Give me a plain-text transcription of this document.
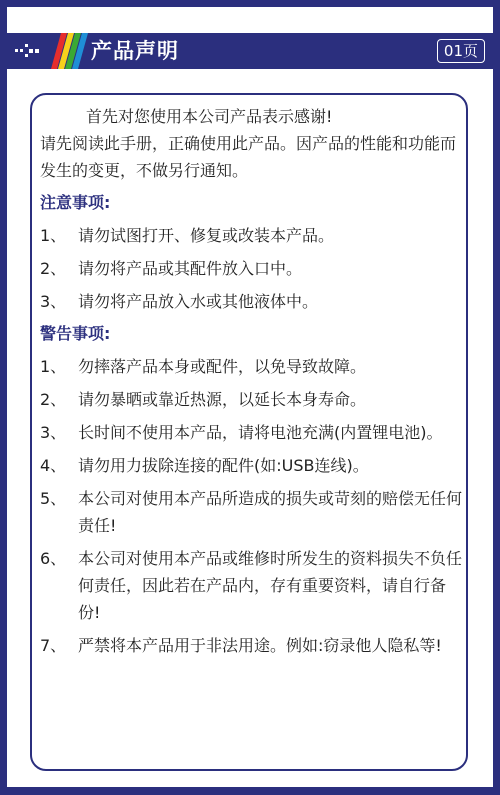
产品声明	01页

首先对您使用本公司产品表示感谢!

请先阅读此手册，正确使用此产品。因产品的性能和功能而发生的变更，不做另行通知。

注意事项:

1、 请勿试图打开、修复或改装本产品。
2、 请勿将产品或其配件放入口中。
3、 请勿将产品放入水或其他液体中。

警告事项:

1、 勿摔落产品本身或配件，以免导致故障。
2、 请勿暴晒或靠近热源，以延长本身寿命。
3、 长时间不使用本产品，请将电池充满(内置锂电池)。
4、 请勿用力拔除连接的配件(如:USB连线)。
5、 本公司对使用本产品所造成的损失或苛刻的赔偿无任何责任!
6、 本公司对使用本产品或维修时所发生的资料损失不负任何责任，因此若在产品内，存有重要资料，请自行备份!
7、 严禁将本产品用于非法用途。例如:窃录他人隐私等!
